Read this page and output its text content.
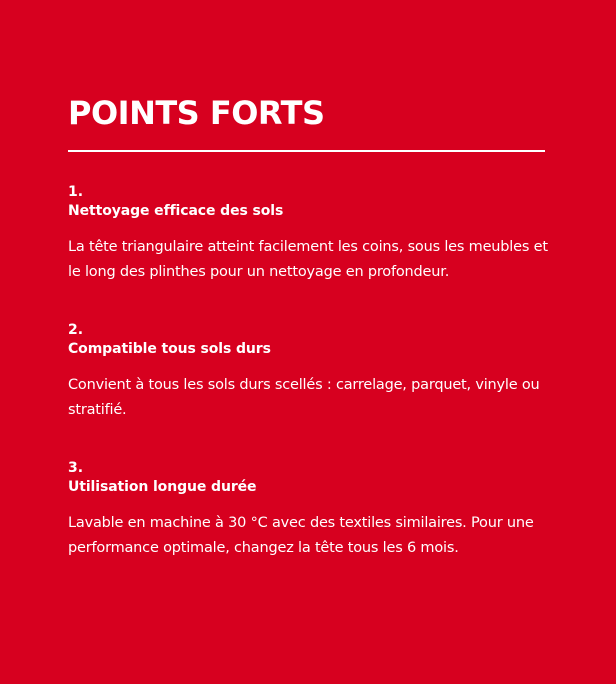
POINTS FORTS
1.
Nettoyage efficace des sols
La tête triangulaire atteint facilement les coins, sous les meubles et le long des plinthes pour un nettoyage en profondeur.
2.
Compatible tous sols durs
Convient à tous les sols durs scellés : carrelage, parquet, vinyle ou stratifié.
3.
Utilisation longue durée
Lavable en machine à 30 °C avec des textiles similaires. Pour une performance optimale, changez la tête tous les 6 mois.
